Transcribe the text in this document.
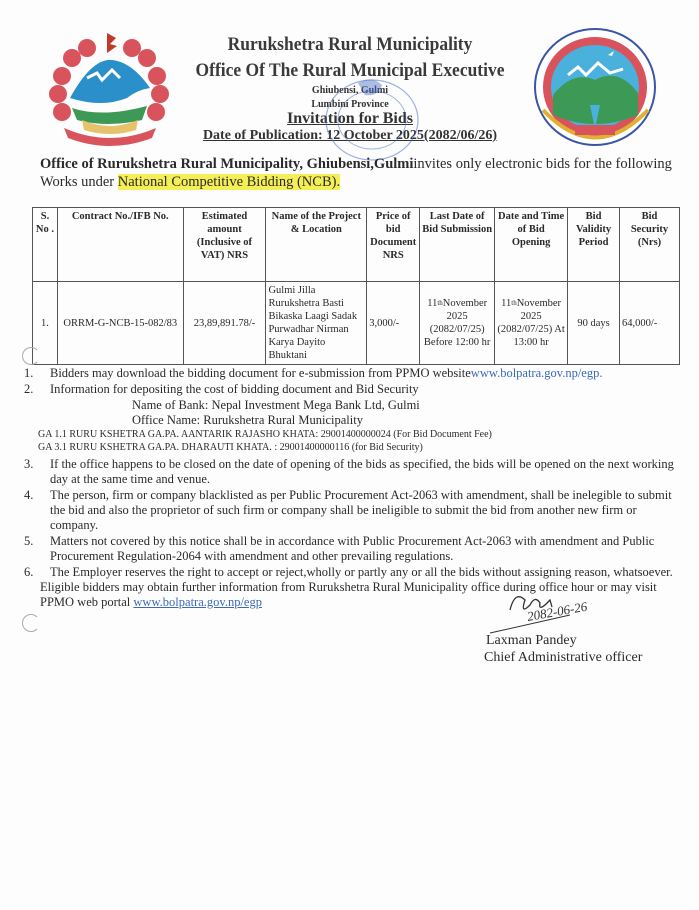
Rurukshetra Rural Municipality
Office Of The Rural Municipal Executive
Ghiubensi, Gulmi
Lumbini Province
Invitation for Bids
Date of Publication: 12 October 2025(2082/06/26)
Office of Rurukshetra Rural Municipality, Ghiubensi,Gulmiinvites only electronic bids for the following Works under National Competitive Bidding (NCB).
S. No .	Contract No./IFB No.	Estimated amount (Inclusive of VAT) NRS	Name of the Project & Location	Price of bid Document NRS	Last Date of Bid Submission	Date and Time of Bid Opening	Bid Validity Period	Bid Security (Nrs)
1.	ORRM-G-NCB-15-082/83	23,89,891.78/-	Gulmi Jilla Rurukshetra Basti Bikaska Laagi Sadak Purwadhar Nirman Karya Dayito Bhuktani	3,000/-	11thNovember 2025 (2082/07/25) Before 12:00 hr	11thNovember 2025 (2082/07/25) At 13:00 hr	90 days	64,000/-
1.	Bidders may download the bidding document for e-submission from PPMO websitewww.bolpatra.gov.np/egp.
2.	Information for depositing the cost of bidding document and Bid Security
Name of Bank: Nepal Investment Mega Bank Ltd, Gulmi
Office Name: Rurukshetra Rural Municipality
GA 1.1 RURU KSHETRA GA.PA. AANTARIK RAJASHO KHATA: 29001400000024 (For Bid Document Fee)
GA 3.1 RURU KSHETRA GA.PA. DHARAUTI KHATA. : 29001400000116 (for Bid Security)
3.	If the office happens to be closed on the date of opening of the bids as specified, the bids will be opened on the next working day at the same time and venue.
4.	The person, firm or company blacklisted as per Public Procurement Act-2063 with amendment, shall be inelegible to submit the bid and also the proprietor of such firm or company shall be ineligible to submit the bid from another new firm or company.
5.	Matters not covered by this notice shall be in accordance with Public Procurement Act-2063 with amendment and Public Procurement Regulation-2064 with amendment and other prevailing regulations.
6.	The Employer reserves the right to accept or reject,wholly or partly any or all the bids without assigning reason, whatsoever.
Eligible bidders may obtain further information from Rurukshetra Rural Municipality office during office hour or may visit PPMO web portal www.bolpatra.gov.np/egp	2082-06-26
Laxman Pandey
Chief Administrative officer
